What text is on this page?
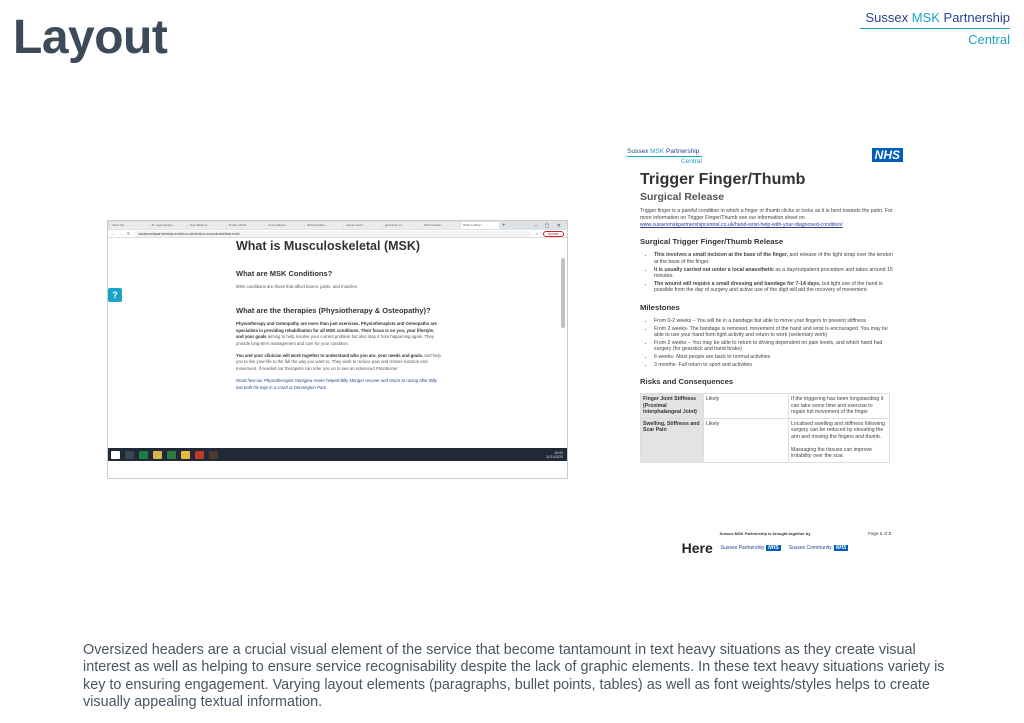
Layout	Sussex MSK Partnership
Central
Inbox (3) - ...	J/L Logo Design ...	How Much Is ...	Email - RCSI	Core Industry ...	NHS Funded ...	Latest report ...	geometric pr...	First Contact ...	What is Musc...	+	– ▢ ✕
← → ↻	sussexmskpartnershipcentral.co.uk/what-is-musculoskeletal-msk/	☆	Update
?
What is Musculoskeletal (MSK)
What are MSK Conditions?

MSK conditions are those that affect bones, joints, and muscles.

What are the therapies (Physiotherapy & Osteopathy)?

Physiotherapy and Osteopathy are more than just exercises. Physiotherapists and Osteopaths are specialists in providing rehabilitation for all MSK conditions. Their focus is on you, your lifestyle, and your goals aiming to help resolve your current problem but also stop it from happening again. They provide long-term management and care for your condition.

You and your clinician will work together to understand who you are, your needs and goals, and help you to live your life to the full the way you want to. They work to reduce pain and restore function and movement. If needed our therapists can refer you on to see an Advanced Practitioner.

Read how our Physiotherapist Georgina Horler helped Billy Monger recover and return to racing after Billy lost both his legs in a crash at Donnington Park.

15:03
11/11/2020
Sussex MSK Partnership
Central	NHS
Trigger Finger/Thumb
Surgical Release

Trigger finger is a painful condition in which a finger or thumb clicks or locks as it is bent towards the palm. For more information on Trigger Finger/Thumb see our information sheet on www.sussexmskpartnershipcentral.co.uk/hand-wrist-help-with-your-diagnosed-condition/

Surgical Trigger Finger/Thumb Release
• This involves a small incision at the base of the finger, and release of the tight strap over the tendon at the base of the finger.
• It is usually carried out under a local anaesthetic as a day/outpatient procedure and takes around 15 minutes.
• The wound will require a small dressing and bandage for 7-14 days, but light use of the hand is possible from the day of surgery and active use of the digit will aid the recovery of movement.
Milestones
• From 0-2 weeks – You will be in a bandage but able to move your fingers to prevent stiffness
• From 2 weeks- The bandage is removed, movement of the hand and wrist is encouraged. You may be able to use your hand form light activity and return to work (sedentary work)
• From 2 weeks – You may be able to return to driving dependent on pain levels, and which hand had surgery (for gearstick and hand brake)
• 6 weeks- Most people are back to normal activities
• 3 months- Full return to sport and activities
Risks and Consequences
Finger Joint Stiffness (Proximal Interphalangeal Joint)	Likely	If the triggering has been longstanding it can take some time and exercise to regain full movement of the finger

Swelling, Stiffness and Scar Pain	Likely	Localised swelling and stiffness following surgery can be reduced by elevating the arm and moving the fingers and thumb.
Massaging the tissues can improve irritability over the scar.
Sussex MSK Partnership is brought together by	Page 1 of 2
Here Sussex Partnership NHS	Sussex Community NHS
Oversized headers are a crucial visual element of the service that become tantamount in text heavy situations as they create visual interest as well as helping to ensure service recognisability despite the lack of graphic elements. In these text heavy situations variety is key to ensuring engagement. Varying layout elements (paragraphs, bullet points, tables) as well as font weights/styles helps to create visually appealing textual information.
